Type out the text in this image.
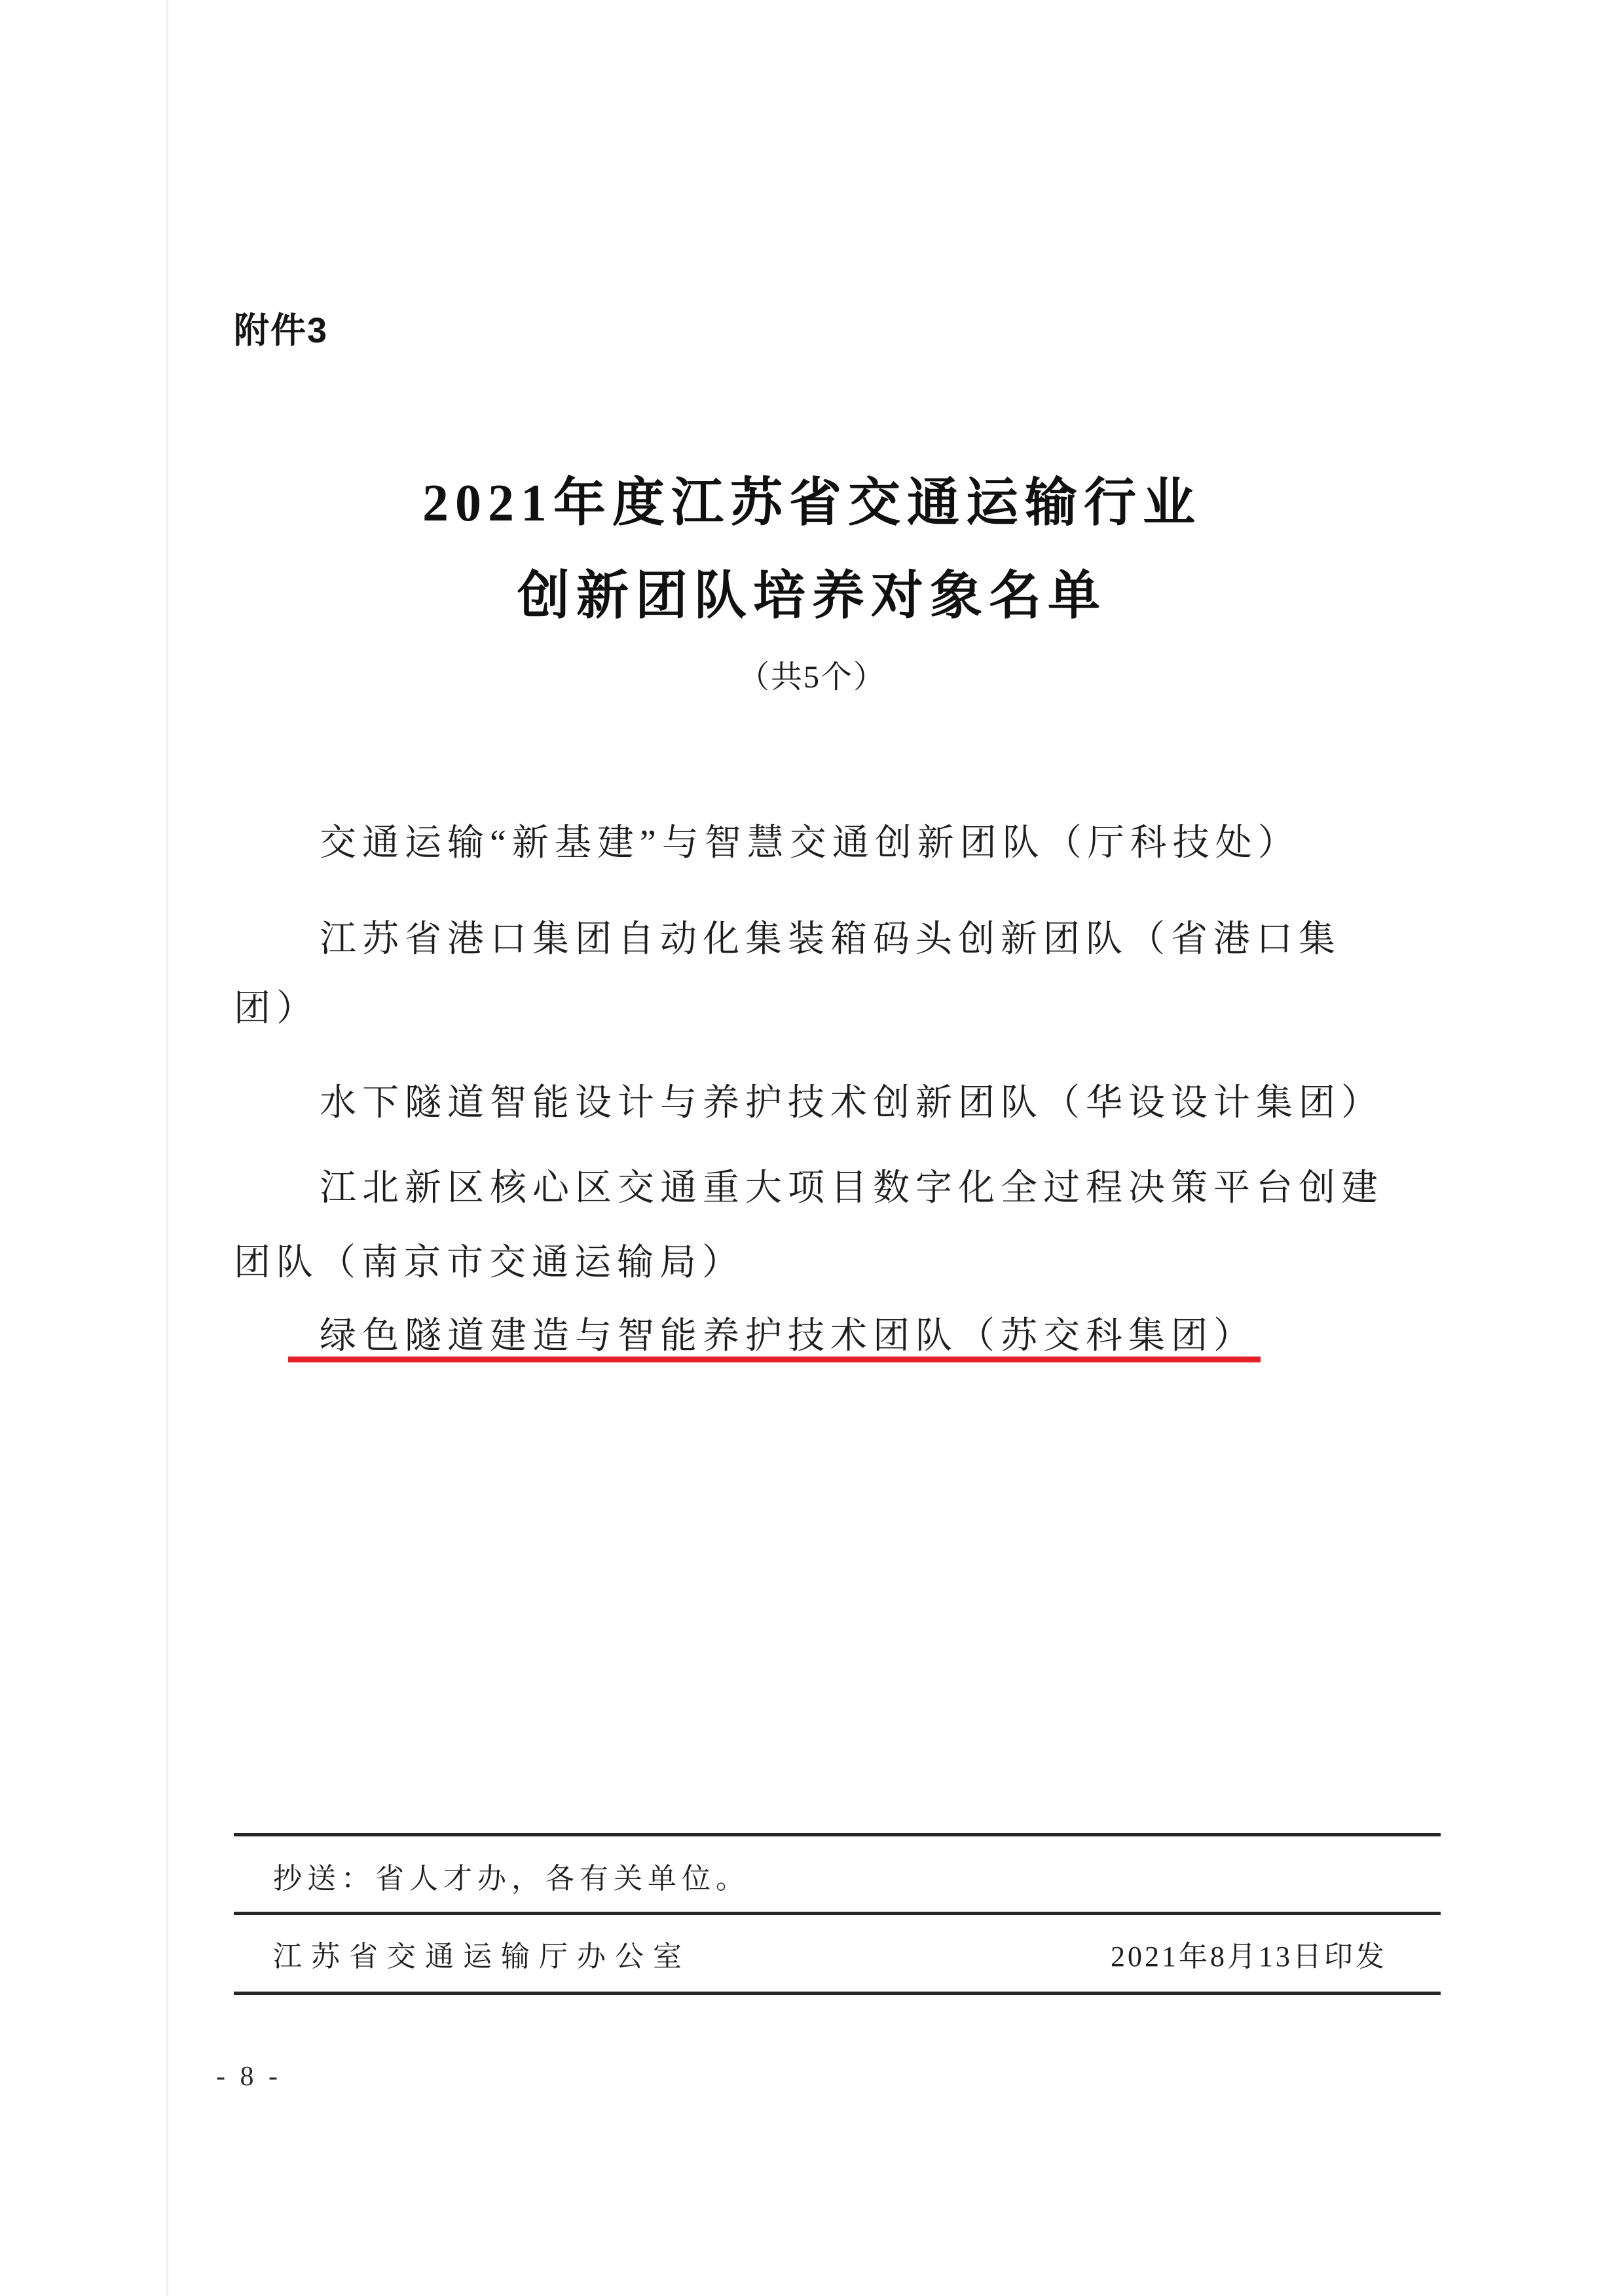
附件3
2021年度江苏省交通运输行业
创新团队培养对象名单
（共5个）
交通运输“新基建”与智慧交通创新团队（厅科技处）
江苏省港口集团自动化集装箱码头创新团队（省港口集
团）
水下隧道智能设计与养护技术创新团队（华设设计集团）
江北新区核心区交通重大项目数字化全过程决策平台创建
团队（南京市交通运输局）
绿色隧道建造与智能养护技术团队（苏交科集团）
抄送：省人才办，各有关单位。
江苏省交通运输厅办公室	2021年8月13日印发
- 8 -
